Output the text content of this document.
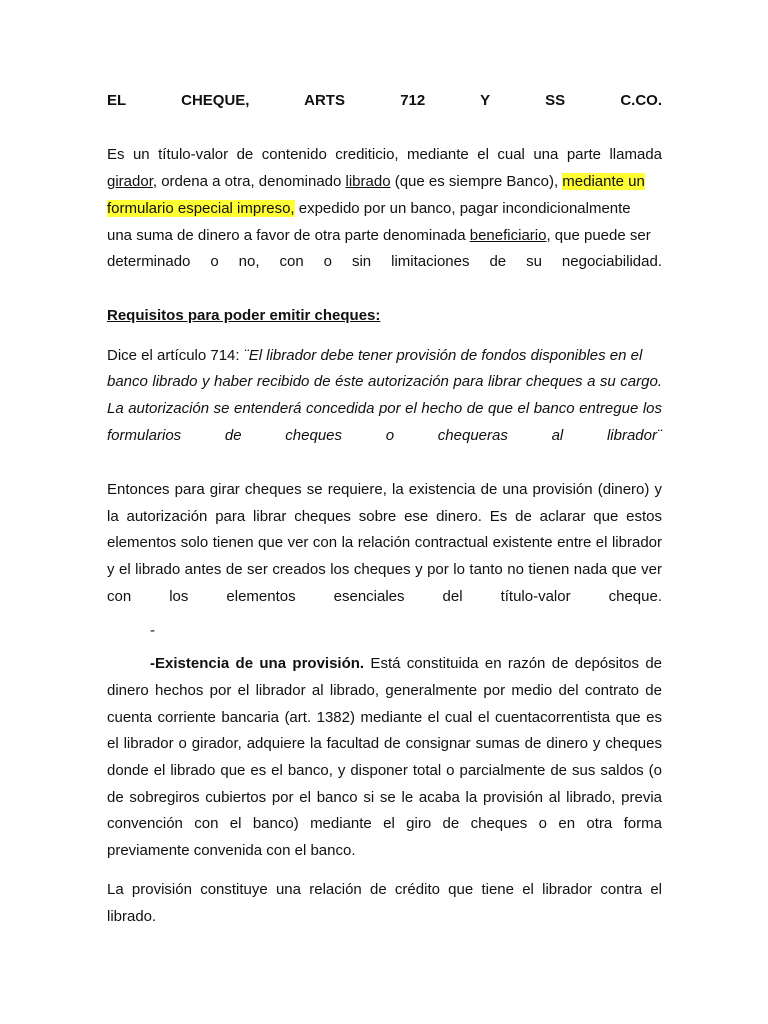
EL	CHEQUE,	ARTS	712	Y	SS	C.CO.
Es un título-valor de contenido crediticio, mediante el cual una parte llamada
girador, ordena a otra, denominado librado (que es siempre Banco), mediante un
formulario especial impreso, expedido por un banco, pagar incondicionalmente
una suma de dinero a favor de otra parte denominada beneficiario, que puede ser
determinado o no, con o sin limitaciones de su negociabilidad.
Requisitos para poder emitir cheques:
Dice el artículo 714: ¨El librador debe tener provisión de fondos disponibles en el
banco librado y haber recibido de éste autorización para librar cheques a su cargo.
La autorización se entenderá concedida por el hecho de que el banco entregue los
formularios de cheques o chequeras al librador¨
Entonces para girar cheques se requiere, la existencia de una provisión (dinero) y
la autorización para librar cheques sobre ese dinero. Es de aclarar que estos
elementos solo tienen que ver con la relación contractual existente entre el librador
y el librado antes de ser creados los cheques y por lo tanto no tienen nada que ver
con los elementos esenciales del título-valor cheque.
-
-Existencia de una provisión. Está constituida en razón de depósitos de
dinero hechos por el librador al librado, generalmente por medio del contrato de
cuenta corriente bancaria (art. 1382) mediante el cual el cuentacorrentista que es
el librador o girador, adquiere la facultad de consignar sumas de dinero y cheques
donde el librado que es el banco, y disponer total o parcialmente de sus saldos (o
de sobregiros cubiertos por el banco si se le acaba la provisión al librado, previa
convención con el banco) mediante el giro de cheques o en otra forma
previamente convenida con el banco.
La provisión constituye una relación de crédito que tiene el librador contra el
librado.
